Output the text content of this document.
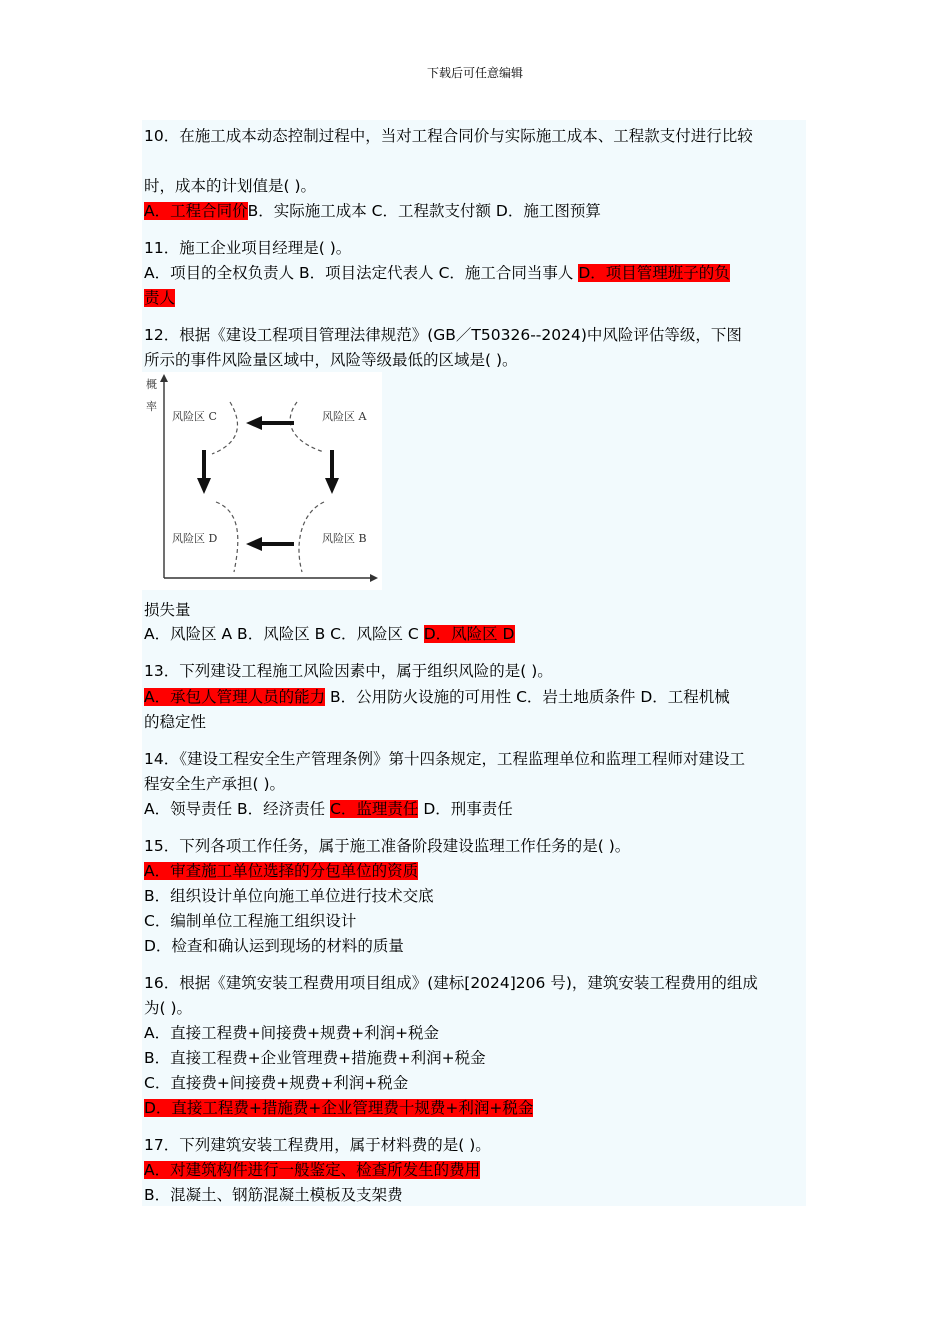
下载后可任意编辑
10．在施工成本动态控制过程中，当对工程合同价与实际施工成本、工程款支付进行比较
时，成本的计划值是( )。
A．工程合同价B．实际施工成本 C．工程款支付额 D．施工图预算
11．施工企业项目经理是( )。
A．项目的全权负责人 B．项目法定代表人 C．施工合同当事人 D．项目管理班子的负
责人
12．根据《建设工程项目管理法律规范》(GB／T50326--2024)中风险评估等级，下图
所示的事件风险量区域中，风险等级最低的区域是( )。
概
率
风险区 C	风险区 A
风险区 D	风险区 B
损失量
A．风险区 A B．风险区 B C．风险区 C D．风险区 D
13．下列建设工程施工风险因素中，属于组织风险的是( )。
A．承包人管理人员的能力 B．公用防火设施的可用性 C．岩土地质条件 D．工程机械
的稳定性
14．《建设工程安全生产管理条例》第十四条规定，工程监理单位和监理工程师对建设工
程安全生产承担( )。
A．领导责任 B．经济责任 C．监理责任 D．刑事责任
15．下列各项工作任务，属于施工准备阶段建设监理工作任务的是( )。
A．审查施工单位选择的分包单位的资质
B．组织设计单位向施工单位进行技术交底
C．编制单位工程施工组织设计
D．检查和确认运到现场的材料的质量
16．根据《建筑安装工程费用项目组成》(建标[2024]206 号)，建筑安装工程费用的组成
为( )。
A．直接工程费+间接费+规费+利润+税金
B．直接工程费+企业管理费+措施费+利润+税金
C．直接费+间接费+规费+利润+税金
D．直接工程费+措施费+企业管理费十规费+利润+税金
17．下列建筑安装工程费用，属于材料费的是( )。
A．对建筑构件进行一般鉴定、检查所发生的费用
B．混凝土、钢筋混凝土模板及支架费
